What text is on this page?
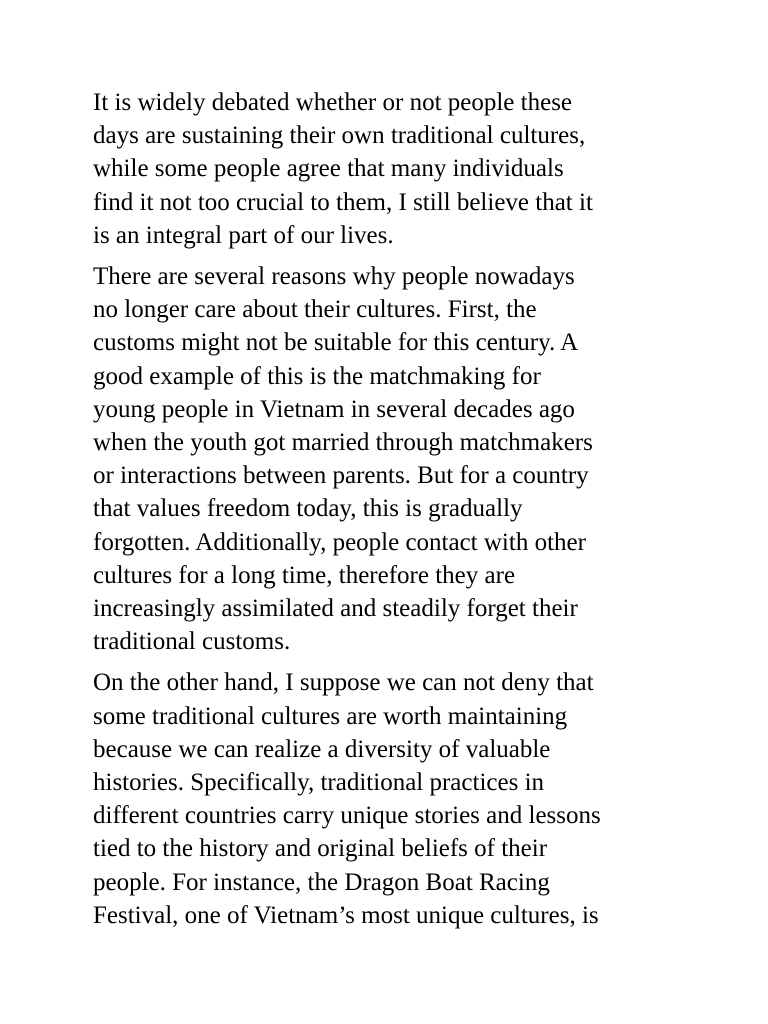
It is widely debated whether or not people these
days are sustaining their own traditional cultures,
while some people agree that many individuals
find it not too crucial to them, I still believe that it
is an integral part of our lives.

There are several reasons why people nowadays
no longer care about their cultures. First, the
customs might not be suitable for this century. A
good example of this is the matchmaking for
young people in Vietnam in several decades ago
when the youth got married through matchmakers
or interactions between parents. But for a country
that values freedom today, this is gradually
forgotten. Additionally, people contact with other
cultures for a long time, therefore they are
increasingly assimilated and steadily forget their
traditional customs.

On the other hand, I suppose we can not deny that
some traditional cultures are worth maintaining
because we can realize a diversity of valuable
histories. Specifically, traditional practices in
different countries carry unique stories and lessons
tied to the history and original beliefs of their
people. For instance, the Dragon Boat Racing
Festival, one of Vietnam’s most unique cultures, is
